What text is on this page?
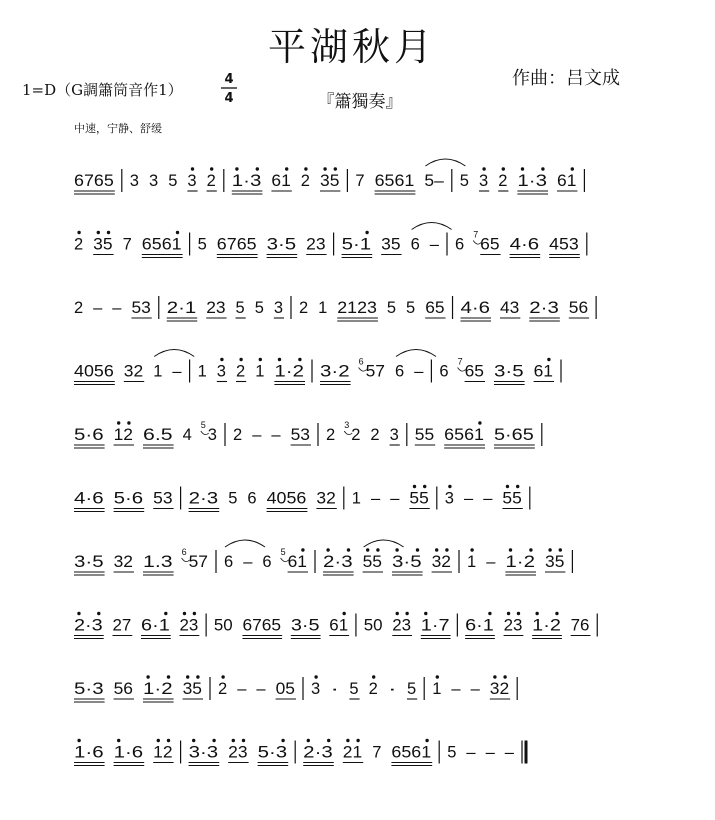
平湖秋月
『簫獨奏』
1=D（G調簫筒音作1）
4
4
作曲：吕文成
中速，宁静、舒缓
6765 3 3 5 3 2 1·3 61 2 35 7 6561 5– 5 3 2 1·3 61
2 35 7 6561 5 6765 3·5 23 5·1 35 6 – 6 65
7 4·6 453
2 – – 53 2·1 23 5 5 3 2 1 2123 5 5 65 4·6 43 2·3 56
4056 32 1 – 1 3 2 1 1·2 3·2 57
6 6 – 6 65
7 3·5 61
5·6 12 6.5 4 3
5 2 – – 53 2 2
3 2 3 55 6561 5·65
4·6 5·6 53 2·3 5 6 4056 32 1 – – 55 3 – – 55
3·5 32 1.3 57
6 6 – 6 61
5 2·3 55 3·5 32 1 – 1·2 35
2·3 27 6·1 23 50 6765 3·5 61 50 23 1·7 6·1 23 1·2 76
5·3 56 1·2 35 2 – – 05 3 · 5 2 · 5 1 – – 32
1·6 1·6 12 3·3 23 5·3 2·3 21 7 6561 5 – – –
